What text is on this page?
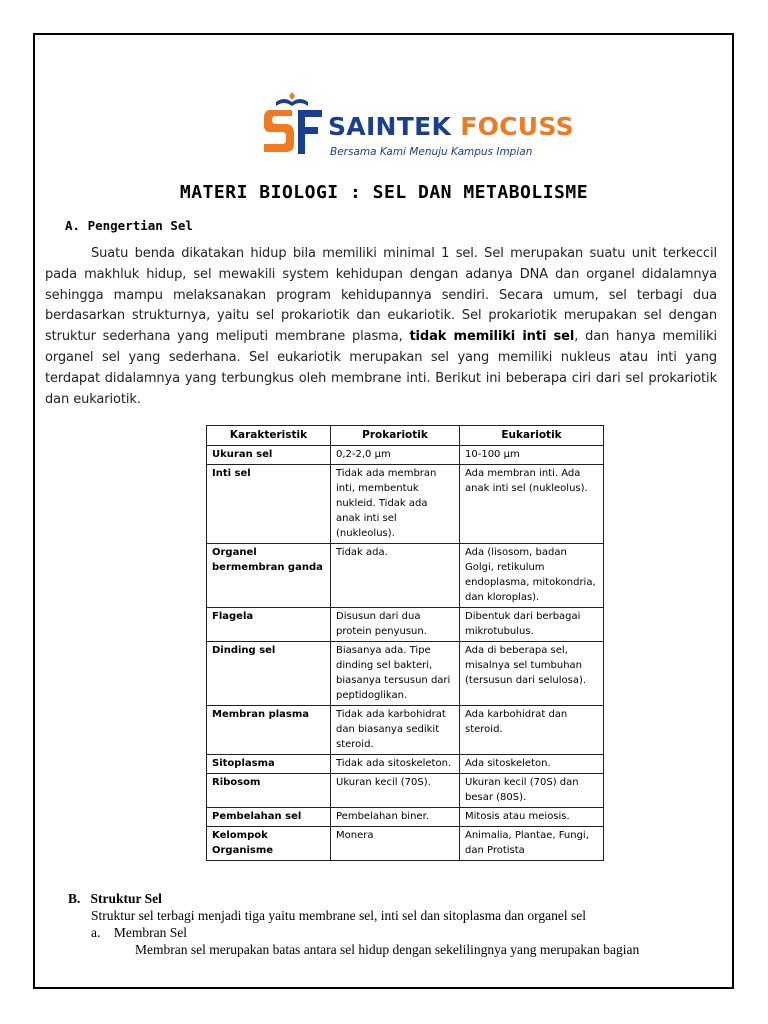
SAINTEK FOCUSS
Bersama Kami Menuju Kampus Impian
MATERI BIOLOGI : SEL DAN METABOLISME
A. Pengertian Sel

Suatu benda dikatakan hidup bila memiliki minimal 1 sel. Sel merupakan suatu unit terkeccil pada makhluk hidup, sel mewakili system kehidupan dengan adanya DNA dan organel didalamnya sehingga mampu melaksanakan program kehidupannya sendiri. Secara umum, sel terbagi dua berdasarkan strukturnya, yaitu sel prokariotik dan eukariotik. Sel prokariotik merupakan sel dengan struktur sederhana yang meliputi membrane plasma, tidak memiliki inti sel, dan hanya memiliki organel sel yang sederhana. Sel eukariotik merupakan sel yang memiliki nukleus atau inti yang terdapat didalamnya yang terbungkus oleh membrane inti. Berikut ini beberapa ciri dari sel prokariotik dan eukariotik.

Karakteristik	Prokariotik	Eukariotik
Ukuran sel	0,2-2,0 µm	10-100 µm
Inti sel	Tidak ada membran inti, membentuk nukleid. Tidak ada anak inti sel (nukleolus).	Ada membran inti. Ada anak inti sel (nukleolus).
Organel bermembran ganda	Tidak ada.	Ada (lisosom, badan Golgi, retikulum endoplasma, mitokondria, dan kloroplas).
Flagela	Disusun dari dua protein penyusun.	Dibentuk dari berbagai mikrotubulus.
Dinding sel	Biasanya ada. Tipe dinding sel bakteri, biasanya tersusun dari peptidoglikan.	Ada di beberapa sel, misalnya sel tumbuhan (tersusun dari selulosa).
Membran plasma	Tidak ada karbohidrat dan biasanya sedikit steroid.	Ada karbohidrat dan steroid.
Sitoplasma	Tidak ada sitoskeleton.	Ada sitoskeleton.
Ribosom	Ukuran kecil (70S).	Ukuran kecil (70S) dan besar (80S).
Pembelahan sel	Pembelahan biner.	Mitosis atau meiosis.
Kelompok Organisme	Monera	Animalia, Plantae, Fungi, dan Protista
B.   Struktur Sel
Struktur sel terbagi menjadi tiga yaitu membrane sel, inti sel dan sitoplasma dan organel sel
a.    Membran Sel
Membran sel merupakan batas antara sel hidup dengan sekelilingnya yang merupakan bagian
